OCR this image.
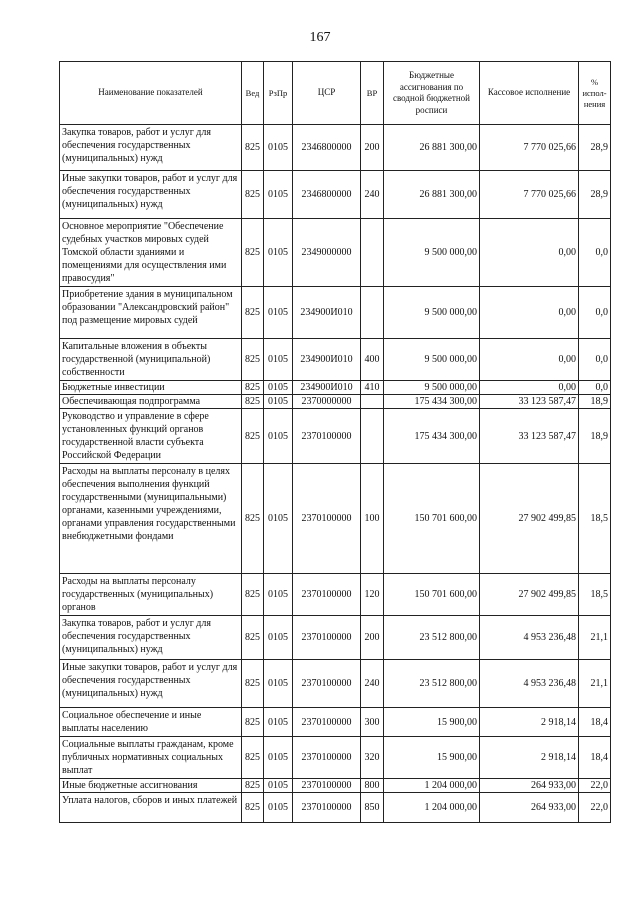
167
Наименование показателей	Вед	РзПр	ЦСР	ВР	Бюджетные ассигнования по сводной бюджетной росписи	Кассовое исполнение	% испол-нения
Закупка товаров, работ и услуг для обеспечения государственных (муниципальных) нужд	825	0105	2346800000	200	26 881 300,00	7 770 025,66	28,9
Иные закупки товаров, работ и услуг для обеспечения государственных (муниципальных) нужд	825	0105	2346800000	240	26 881 300,00	7 770 025,66	28,9
Основное мероприятие "Обеспечение судебных участков мировых судей Томской области зданиями и помещениями для осуществления ими правосудия"	825	0105	2349000000		9 500 000,00	0,00	0,0
Приобретение здания в муниципальном образовании "Александровский район" под размещение мировых судей	825	0105	234900И010		9 500 000,00	0,00	0,0
Капитальные вложения в объекты государственной (муниципальной) собственности	825	0105	234900И010	400	9 500 000,00	0,00	0,0
Бюджетные инвестиции	825	0105	234900И010	410	9 500 000,00	0,00	0,0
Обеспечивающая подпрограмма	825	0105	2370000000		175 434 300,00	33 123 587,47	18,9
Руководство и управление в сфере установленных функций органов государственной власти субъекта Российской Федерации	825	0105	2370100000		175 434 300,00	33 123 587,47	18,9
Расходы на выплаты персоналу в целях обеспечения выполнения функций государственными (муниципальными) органами, казенными учреждениями, органами управления государственными внебюджетными фондами	825	0105	2370100000	100	150 701 600,00	27 902 499,85	18,5
Расходы на выплаты персоналу государственных (муниципальных) органов	825	0105	2370100000	120	150 701 600,00	27 902 499,85	18,5
Закупка товаров, работ и услуг для обеспечения государственных (муниципальных) нужд	825	0105	2370100000	200	23 512 800,00	4 953 236,48	21,1
Иные закупки товаров, работ и услуг для обеспечения государственных (муниципальных) нужд	825	0105	2370100000	240	23 512 800,00	4 953 236,48	21,1
Социальное обеспечение и иные выплаты населению	825	0105	2370100000	300	15 900,00	2 918,14	18,4
Социальные выплаты гражданам, кроме публичных нормативных социальных выплат	825	0105	2370100000	320	15 900,00	2 918,14	18,4
Иные бюджетные ассигнования	825	0105	2370100000	800	1 204 000,00	264 933,00	22,0
Уплата налогов, сборов и иных платежей	825	0105	2370100000	850	1 204 000,00	264 933,00	22,0
